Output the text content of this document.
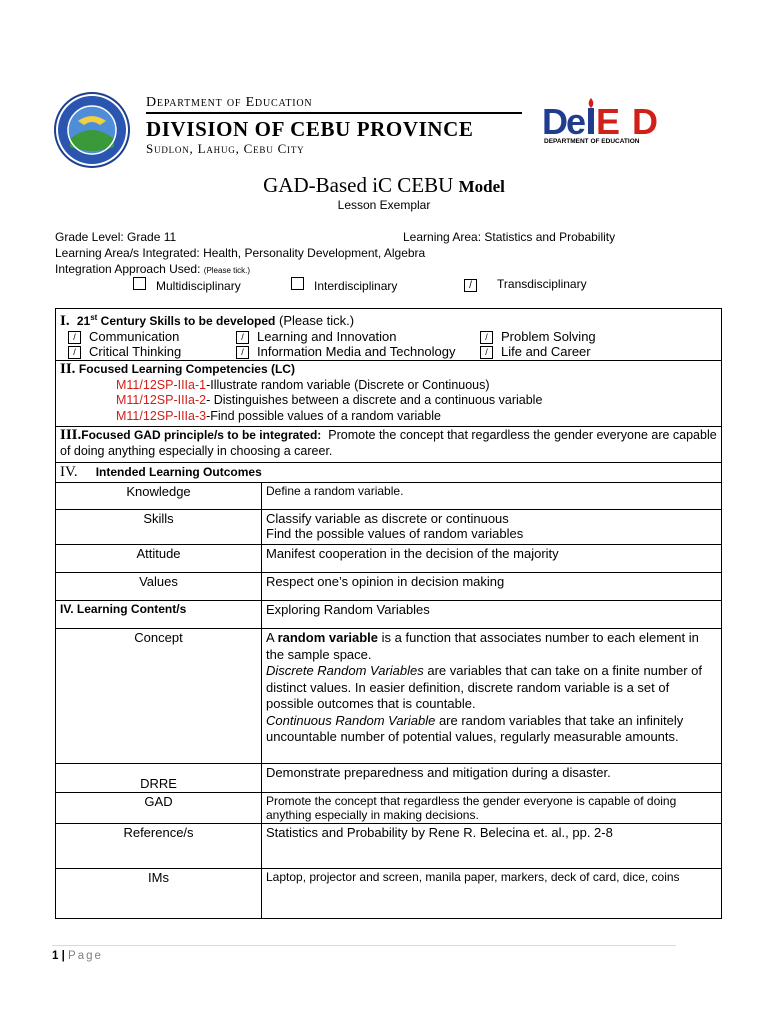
Department of Education
DIVISION OF CEBU PROVINCE
Sudlon, Lahug, Cebu City
De ED
DEPARTMENT OF EDUCATION
GAD-Based iC CEBU Model
Lesson Exemplar
Grade Level: Grade 11	Learning Area: Statistics and Probability
Learning Area/s Integrated: Health, Personality Development, Algebra
Integration Approach Used: (Please tick.)
Multidisciplinary	Interdisciplinary	/ Transdisciplinary
I. 21st Century Skills to be developed (Please tick.)
/ Communication / Learning and Innovation / Problem Solving
/ Critical Thinking / Information Media and Technology / Life and Career	
II. Focused Learning Competencies (LC)

M11/12SP-IIIa-1-Illustrate random variable (Discrete or Continuous)
M11/12SP-IIIa-2- Distinguishes between a discrete and a continuous variable
M11/12SP-IIIa-3-Find possible values of a random variable	

III.Focused GAD principle/s to be integrated: Promote the concept that regardless the gender everyone are capable of doing anything especially in choosing a career.	
IV. Intended Learning Outcomes	
Knowledge	Define a random variable.
Skills	Classify variable as discrete or continuous
Find the possible values of random variables
Attitude	Manifest cooperation in the decision of the majority
Values	Respect one’s opinion in decision making
IV. Learning Content/s	Exploring Random Variables
Concept	A random variable is a function that associates number to each element in the sample space.
Discrete Random Variables are variables that can take on a finite number of distinct values. In easier definition, discrete random variable is a set of possible outcomes that is countable.
Continuous Random Variable are random variables that take an infinitely uncountable number of potential values, regularly measurable amounts.
DRRE	Demonstrate preparedness and mitigation during a disaster.
GAD	Promote the concept that regardless the gender everyone is capable of doing anything especially in making decisions.
Reference/s	Statistics and Probability by Rene R. Belecina et. al., pp. 2-8
IMs	Laptop, projector and screen, manila paper, markers, deck of card, dice, coins
1 | Page
